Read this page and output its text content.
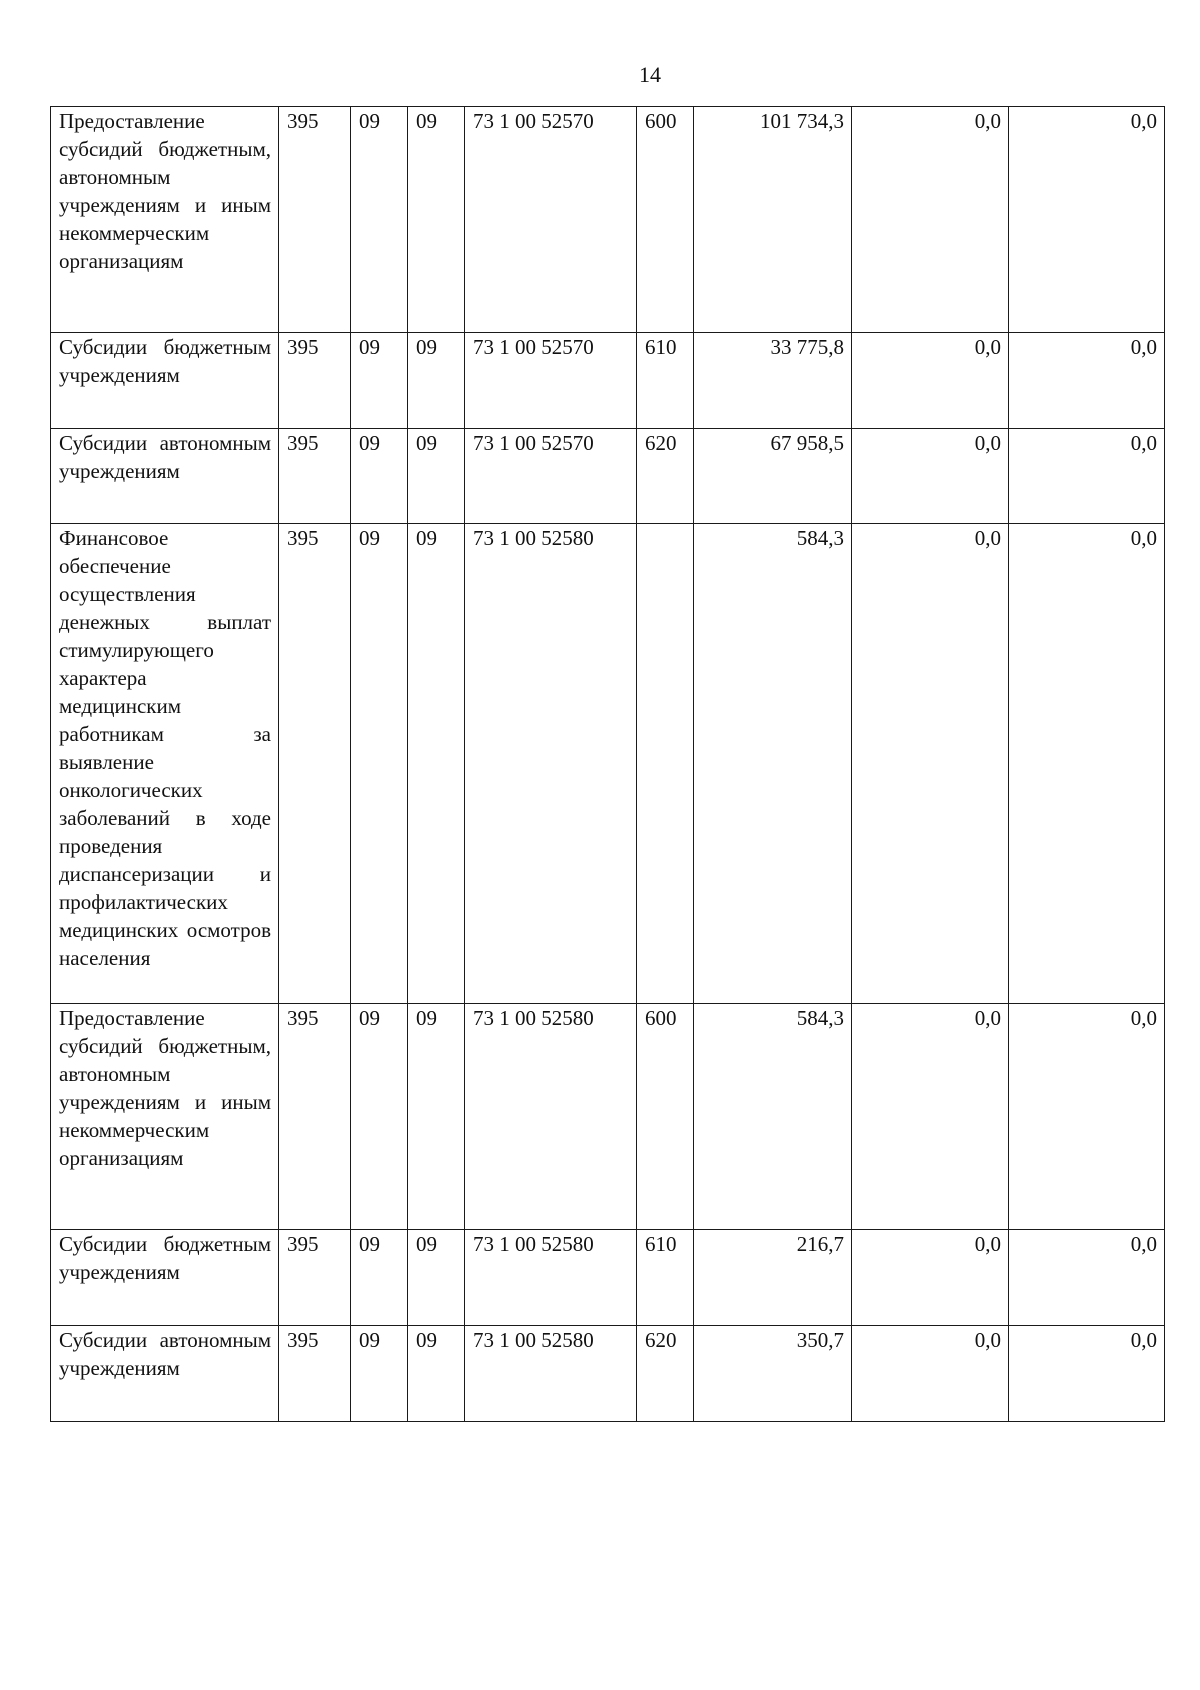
14
Предоставление субсидий бюджетным, автономным учреждениям и иным некоммерческим организациям	395	09	09	73 1 00 52570	600	101 734,3	0,0	0,0

Субсидии бюджетным учреждениям	395	09	09	73 1 00 52570	610	33 775,8	0,0	0,0

Субсидии автономным учреждениям	395	09	09	73 1 00 52570	620	67 958,5	0,0	0,0

Финансовое обеспечение осуществления денежных выплат стимулирующего характера медицинским работникам за выявление онкологических заболеваний в ходе проведения диспансеризации и профилактических медицинских осмотров населения	395	09	09	73 1 00 52580		584,3	0,0	0,0

Предоставление субсидий бюджетным, автономным учреждениям и иным некоммерческим организациям	395	09	09	73 1 00 52580	600	584,3	0,0	0,0

Субсидии бюджетным учреждениям	395	09	09	73 1 00 52580	610	216,7	0,0	0,0

Субсидии автономным учреждениям	395	09	09	73 1 00 52580	620	350,7	0,0	0,0
